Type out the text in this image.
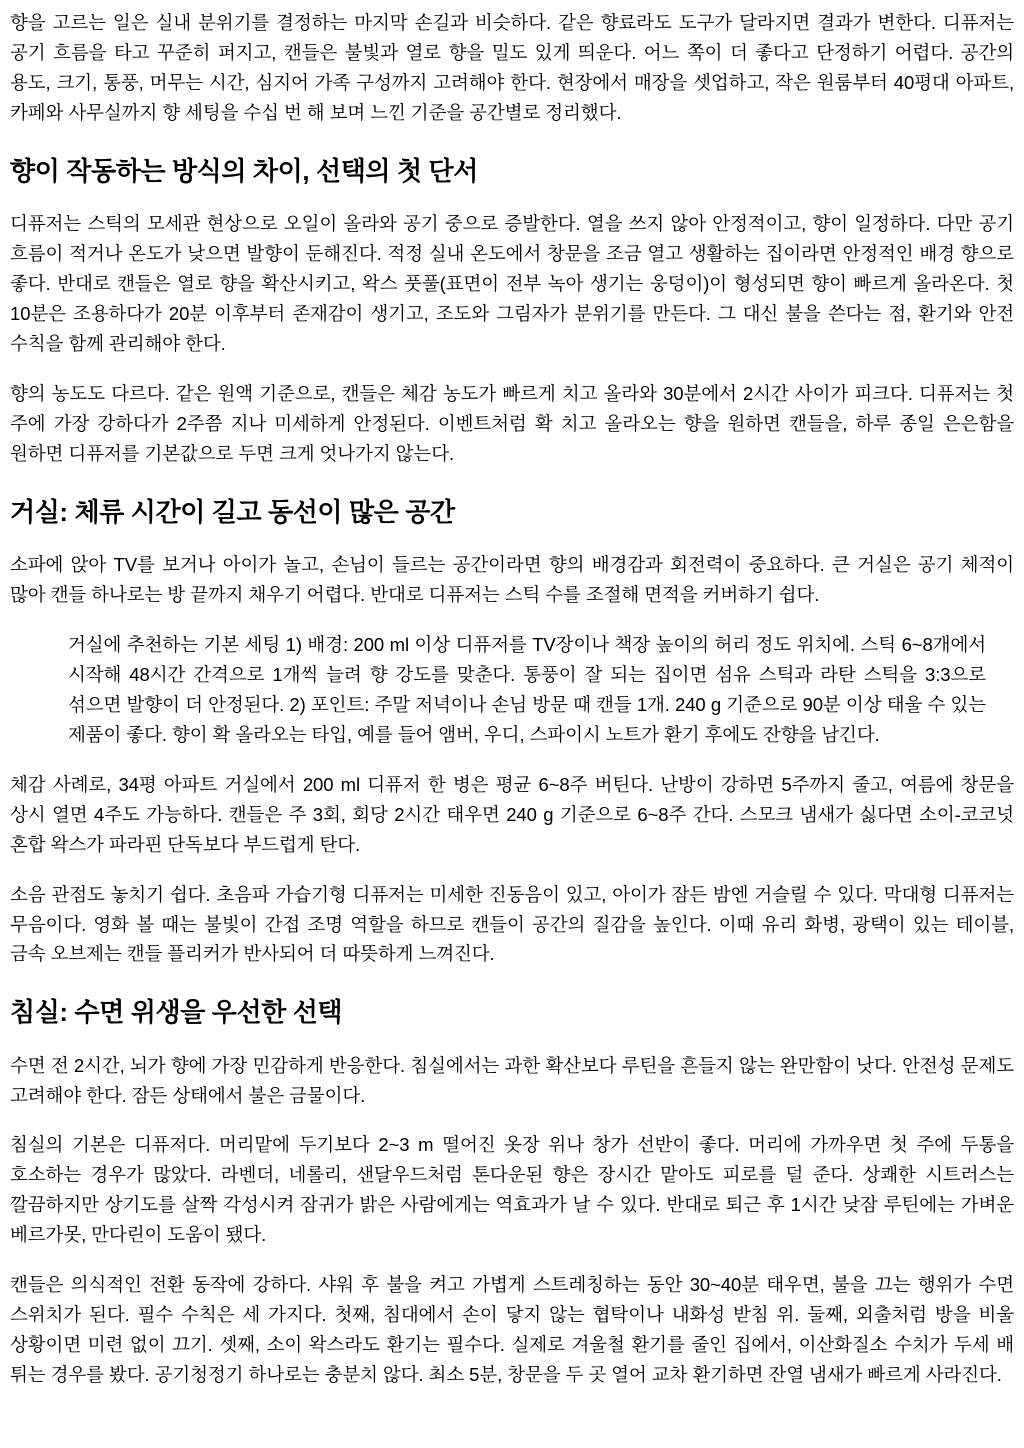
향을 고르는 일은 실내 분위기를 결정하는 마지막 손길과 비슷하다. 같은 향료라도 도구가 달라지면 결과가 변한다. 디퓨저는 공기 흐름을 타고 꾸준히 퍼지고, 캔들은 불빛과 열로 향을 밀도 있게 띄운다. 어느 쪽이 더 좋다고 단정하기 어렵다. 공간의 용도, 크기, 통풍, 머무는 시간, 심지어 가족 구성까지 고려해야 한다. 현장에서 매장을 셋업하고, 작은 원룸부터 40평대 아파트, 카페와 사무실까지 향 세팅을 수십 번 해 보며 느낀 기준을 공간별로 정리했다.

향이 작동하는 방식의 차이, 선택의 첫 단서

디퓨저는 스틱의 모세관 현상으로 오일이 올라와 공기 중으로 증발한다. 열을 쓰지 않아 안정적이고, 향이 일정하다. 다만 공기 흐름이 적거나 온도가 낮으면 발향이 둔해진다. 적정 실내 온도에서 창문을 조금 열고 생활하는 집이라면 안정적인 배경 향으로 좋다. 반대로 캔들은 열로 향을 확산시키고, 왁스 풋풀(표면이 전부 녹아 생기는 웅덩이)이 형성되면 향이 빠르게 올라온다. 첫 10분은 조용하다가 20분 이후부터 존재감이 생기고, 조도와 그림자가 분위기를 만든다. 그 대신 불을 쓴다는 점, 환기와 안전 수칙을 함께 관리해야 한다.

향의 농도도 다르다. 같은 원액 기준으로, 캔들은 체감 농도가 빠르게 치고 올라와 30분에서 2시간 사이가 피크다. 디퓨저는 첫 주에 가장 강하다가 2주쯤 지나 미세하게 안정된다. 이벤트처럼 확 치고 올라오는 향을 원하면 캔들을, 하루 종일 은은함을 원하면 디퓨저를 기본값으로 두면 크게 엇나가지 않는다.

거실: 체류 시간이 길고 동선이 많은 공간

소파에 앉아 TV를 보거나 아이가 놀고, 손님이 들르는 공간이라면 향의 배경감과 회전력이 중요하다. 큰 거실은 공기 체적이 많아 캔들 하나로는 방 끝까지 채우기 어렵다. 반대로 디퓨저는 스틱 수를 조절해 면적을 커버하기 쉽다.

거실에 추천하는 기본 세팅 1) 배경: 200 ml 이상 디퓨저를 TV장이나 책장 높이의 허리 정도 위치에. 스틱 6~8개에서 시작해 48시간 간격으로 1개씩 늘려 향 강도를 맞춘다. 통풍이 잘 되는 집이면 섬유 스틱과 라탄 스틱을 3:3으로 섞으면 발향이 더 안정된다. 2) 포인트: 주말 저녁이나 손님 방문 때 캔들 1개. 240 g 기준으로 90분 이상 태울 수 있는 제품이 좋다. 향이 확 올라오는 타입, 예를 들어 앰버, 우디, 스파이시 노트가 환기 후에도 잔향을 남긴다.

체감 사례로, 34평 아파트 거실에서 200 ml 디퓨저 한 병은 평균 6~8주 버틴다. 난방이 강하면 5주까지 줄고, 여름에 창문을 상시 열면 4주도 가능하다. 캔들은 주 3회, 회당 2시간 태우면 240 g 기준으로 6~8주 간다. 스모크 냄새가 싫다면 소이-코코넛 혼합 왁스가 파라핀 단독보다 부드럽게 탄다.

소음 관점도 놓치기 쉽다. 초음파 가습기형 디퓨저는 미세한 진동음이 있고, 아이가 잠든 밤엔 거슬릴 수 있다. 막대형 디퓨저는 무음이다. 영화 볼 때는 불빛이 간접 조명 역할을 하므로 캔들이 공간의 질감을 높인다. 이때 유리 화병, 광택이 있는 테이블, 금속 오브제는 캔들 플리커가 반사되어 더 따뜻하게 느껴진다.

침실: 수면 위생을 우선한 선택

수면 전 2시간, 뇌가 향에 가장 민감하게 반응한다. 침실에서는 과한 확산보다 루틴을 흔들지 않는 완만함이 낫다. 안전성 문제도 고려해야 한다. 잠든 상태에서 불은 금물이다.

침실의 기본은 디퓨저다. 머리맡에 두기보다 2~3 m 떨어진 옷장 위나 창가 선반이 좋다. 머리에 가까우면 첫 주에 두통을 호소하는 경우가 많았다. 라벤더, 네롤리, 샌달우드처럼 톤다운된 향은 장시간 맡아도 피로를 덜 준다. 상쾌한 시트러스는 깔끔하지만 상기도를 살짝 각성시켜 잠귀가 밝은 사람에게는 역효과가 날 수 있다. 반대로 퇴근 후 1시간 낮잠 루틴에는 가벼운 베르가못, 만다린이 도움이 됐다.

캔들은 의식적인 전환 동작에 강하다. 샤워 후 불을 켜고 가볍게 스트레칭하는 동안 30~40분 태우면, 불을 끄는 행위가 수면 스위치가 된다. 필수 수칙은 세 가지다. 첫째, 침대에서 손이 닿지 않는 협탁이나 내화성 받침 위. 둘째, 외출처럼 방을 비울 상황이면 미련 없이 끄기. 셋째, 소이 왁스라도 환기는 필수다. 실제로 겨울철 환기를 줄인 집에서, 이산화질소 수치가 두세 배 튀는 경우를 봤다. 공기청정기 하나로는 충분치 않다. 최소 5분, 창문을 두 곳 열어 교차 환기하면 잔열 냄새가 빠르게 사라진다.
